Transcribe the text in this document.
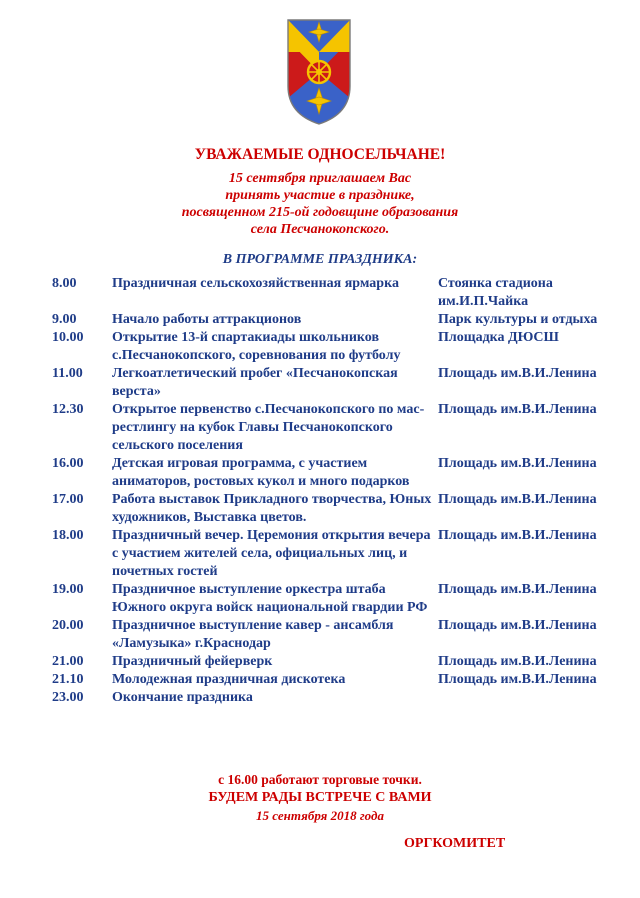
УВАЖАЕМЫЕ ОДНОСЕЛЬЧАНЕ!
15 сентября приглашаем Вас
принять участие в празднике,
посвященном 215-ой годовщине образования
села Песчанокопского.
В ПРОГРАММЕ ПРАЗДНИКА:
8.00	Праздничная сельскохозяйственная ярмарка	Стоянка стадиона им.И.П.Чайка
9.00	Начало работы аттракционов	Парк культуры и отдыха
10.00	Открытие 13-й спартакиады школьников с.Песчанокопского, соревнования по футболу	Площадка ДЮСШ
11.00	Легкоатлетический пробег «Песчанокопская верста»	Площадь им.В.И.Ленина
12.30	Открытое первенство с.Песчанокопского по мас-рестлингу на кубок Главы Песчанокопского сельского поселения	Площадь им.В.И.Ленина
16.00	Детская игровая программа, с участием аниматоров, ростовых кукол и много подарков	Площадь им.В.И.Ленина
17.00	Работа выставок Прикладного творчества, Юных художников, Выставка цветов.	Площадь им.В.И.Ленина
18.00	Праздничный вечер. Церемония открытия вечера с участием жителей села, официальных лиц, и почетных гостей	Площадь им.В.И.Ленина
19.00	Праздничное выступление оркестра штаба Южного округа войск национальной гвардии РФ	Площадь им.В.И.Ленина
20.00	Праздничное выступление кавер - ансамбля «Ламузыка» г.Краснодар	Площадь им.В.И.Ленина
21.00	Праздничный фейерверк	Площадь им.В.И.Ленина
21.10	Молодежная праздничная дискотека	Площадь им.В.И.Ленина
23.00	Окончание праздника	
с 16.00 работают торговые точки.
БУДЕМ РАДЫ ВСТРЕЧЕ С ВАМИ
15 сентября 2018 года
ОРГКОМИТЕТ
